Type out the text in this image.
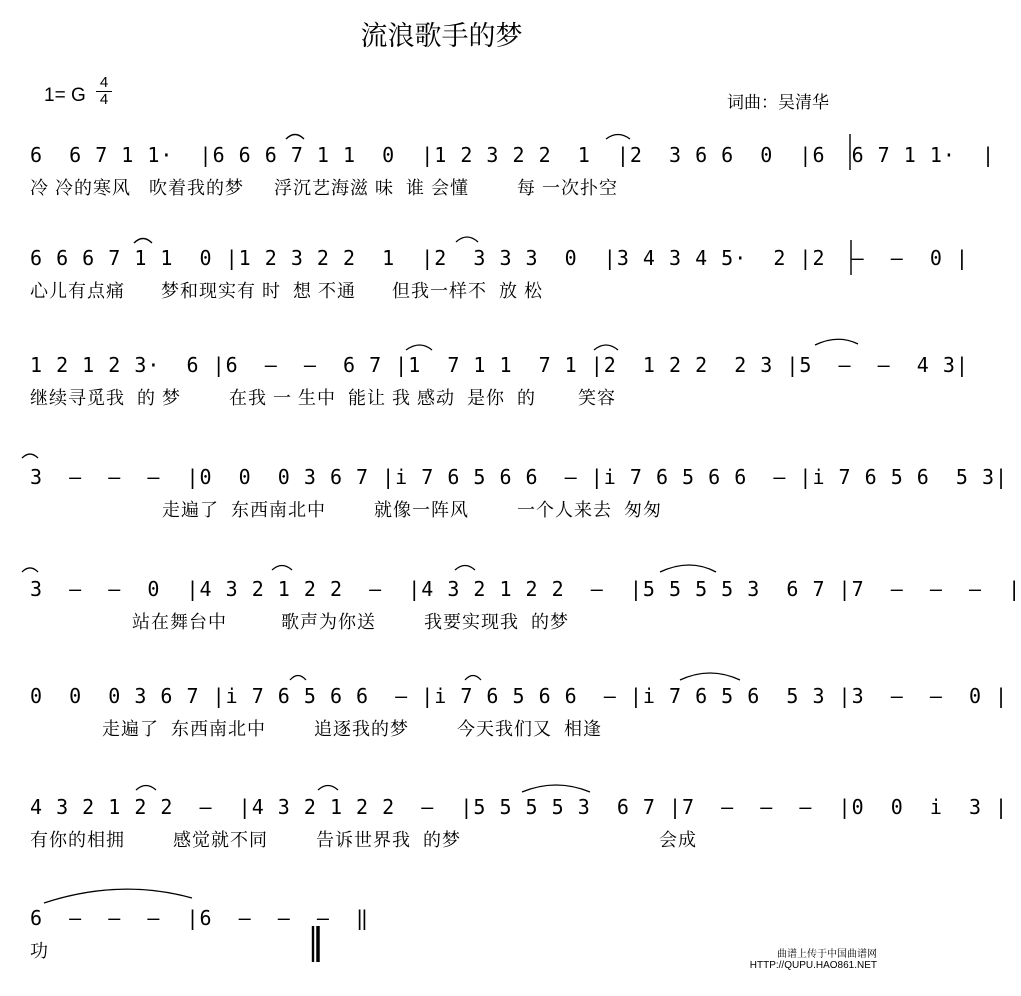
流浪歌手的梦
1= G
4
4	词曲：吴清华
6  6 7 1 1·  |6 6 6 7 1 1  0  |1 2 3 2 2  1  |2  3 6 6  0  |6  6 7 1 1·  |
冷 冷的寒风   吹着我的梦     浮沉艺海滋 味  谁 会懂        每 一次扑空
6 6 6 7 1 1  0 |1 2 3 2 2  1  |2  3 3 3  0  |3 4 3 4 5·  2 |2  —  —  0 |
心儿有点痛      梦和现实有 时  想 不通      但我一样不  放 松
1 2 1 2 3·  6 |6  —  —  6 7 |1  7 1 1  7 1 |2  1 2 2  2 3 |5  —  —  4 3|
继续寻觅我  的 梦        在我 一 生中  能让 我 感动  是你  的       笑容
3  —  —  —  |0  0  0 3 6 7 |i 7 6 5 6 6  — |i 7 6 5 6 6  — |i 7 6 5 6  5 3|
走遍了  东西南北中        就像一阵风        一个人来去  匆匆
3  —  —  0  |4 3 2 1 2 2  —  |4 3 2 1 2 2  —  |5 5 5 5 3  6 7 |7  —  —  —  |
站在舞台中         歌声为你送        我要实现我  的梦
0  0  0 3 6 7 |i 7 6 5 6 6  — |i 7 6 5 6 6  — |i 7 6 5 6  5 3 |3  —  —  0 |
走遍了  东西南北中        追逐我的梦        今天我们又  相逢
4 3 2 1 2 2  —  |4 3 2 1 2 2  —  |5 5 5 5 3  6 7 |7  —  —  —  |0  0  i  3 |
有你的相拥        感觉就不同        告诉世界我  的梦                                 会成
6  —  —  —  |6  —  —  —  ‖
功	曲谱上传于中国曲谱网
HTTP://QUPU.HAO861.NET
